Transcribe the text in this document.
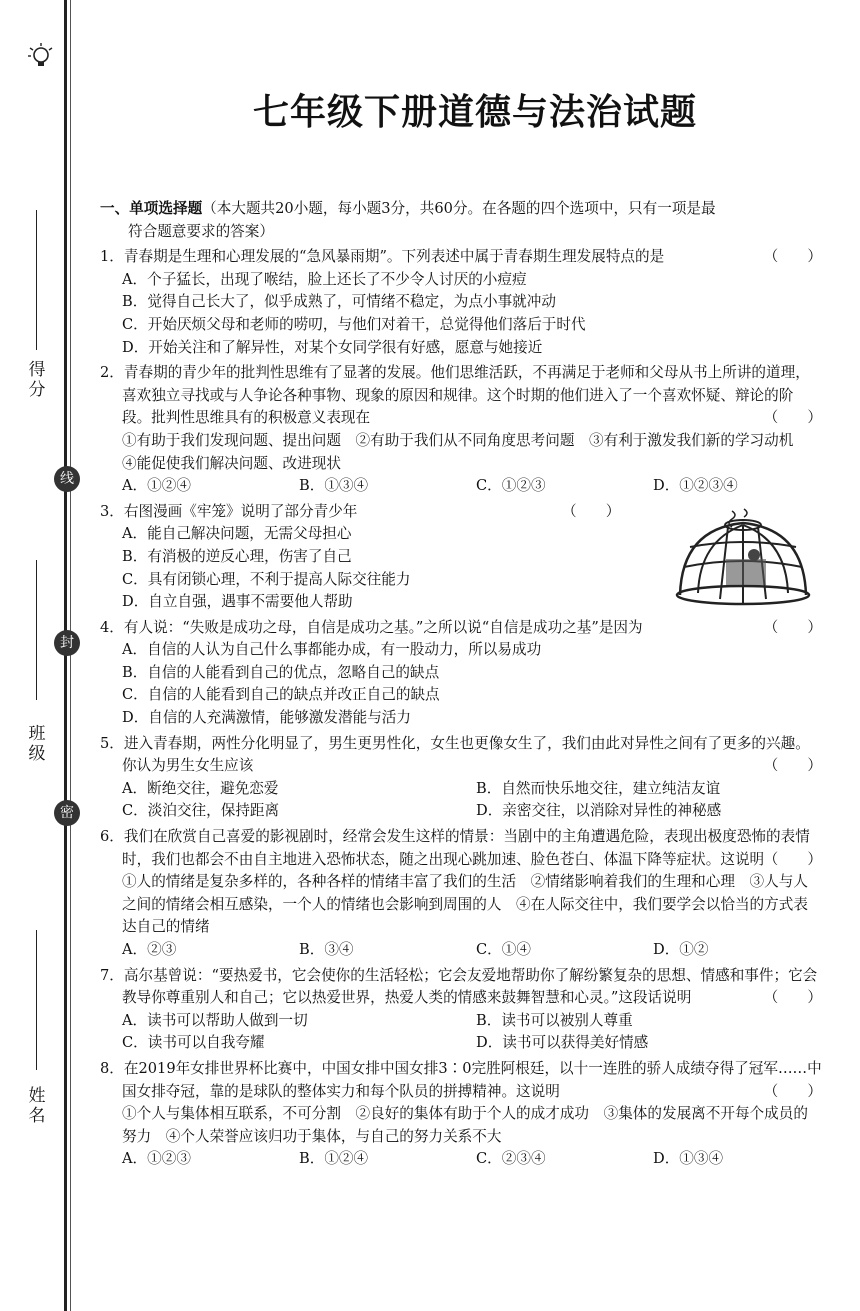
得分
线
封
班级
密
姓名
七年级下册道德与法治试题
一、单项选择题（本大题共20小题，每小题3分，共60分。在各题的四个选项中，只有一项是最
符合题意要求的答案）
1．青春期是生理和心理发展的“急风暴雨期”。下列表述中属于青春期生理发展特点的是	（　　）
A．个子猛长，出现了喉结，脸上还长了不少令人讨厌的小痘痘
B．觉得自己长大了，似乎成熟了，可情绪不稳定，为点小事就冲动
C．开始厌烦父母和老师的唠叨，与他们对着干，总觉得他们落后于时代
D．开始关注和了解异性，对某个女同学很有好感，愿意与她接近
2．青春期的青少年的批判性思维有了显著的发展。他们思维活跃，不再满足于老师和父母从书上所讲的道理，喜欢独立寻找或与人争论各种事物、现象的原因和规律。这个时期的他们进入了一个喜欢怀疑、辩论的阶段。批判性思维具有的积极意义表现在	（　　）
①有助于我们发现问题、提出问题　②有助于我们从不同角度思考问题　③有利于激发我们新的学习动机　④能促使我们解决问题、改进现状
A．①②④	B．①③④	C．①②③	D．①②③④
3．右图漫画《牢笼》说明了部分青少年	（　　）
A．能自己解决问题，无需父母担心
B．有消极的逆反心理，伤害了自己
C．具有闭锁心理，不利于提高人际交往能力
D．自立自强，遇事不需要他人帮助
4．有人说：“失败是成功之母，自信是成功之基。”之所以说“自信是成功之基”是因为	（　　）
A．自信的人认为自己什么事都能办成，有一股动力，所以易成功
B．自信的人能看到自己的优点，忽略自己的缺点
C．自信的人能看到自己的缺点并改正自己的缺点
D．自信的人充满激情，能够激发潜能与活力
5．进入青春期，两性分化明显了，男生更男性化，女生也更像女生了，我们由此对异性之间有了更多的兴趣。你认为男生女生应该	（　　）
A．断绝交往，避免恋爱	B．自然而快乐地交往，建立纯洁友谊
C．淡泊交往，保持距离	D．亲密交往，以消除对异性的神秘感
6．我们在欣赏自己喜爱的影视剧时，经常会发生这样的情景：当剧中的主角遭遇危险，表现出极度恐怖的表情时，我们也都会不由自主地进入恐怖状态，随之出现心跳加速、脸色苍白、体温下降等症状。这说明 （　　）
①人的情绪是复杂多样的，各种各样的情绪丰富了我们的生活　②情绪影响着我们的生理和心理　③人与人之间的情绪会相互感染，一个人的情绪也会影响到周围的人　④在人际交往中，我们要学会以恰当的方式表达自己的情绪
A．②③	B．③④	C．①④	D．①②
7．高尔基曾说：“要热爱书，它会使你的生活轻松；它会友爱地帮助你了解纷繁复杂的思想、情感和事件；它会教导你尊重别人和自己；它以热爱世界，热爱人类的情感来鼓舞智慧和心灵。”这段话说明	（　　）
A．读书可以帮助人做到一切	B．读书可以被别人尊重
C．读书可以自我夸耀	D．读书可以获得美好情感
8．在2019年女排世界杯比赛中，中国女排中国女排3∶0完胜阿根廷，以十一连胜的骄人成绩夺得了冠军……中国女排夺冠，靠的是球队的整体实力和每个队员的拼搏精神。这说明	（　　）
①个人与集体相互联系，不可分割　②良好的集体有助于个人的成才成功　③集体的发展离不开每个成员的努力　④个人荣誉应该归功于集体，与自己的努力关系不大
A．①②③	B．①②④	C．②③④	D．①③④
